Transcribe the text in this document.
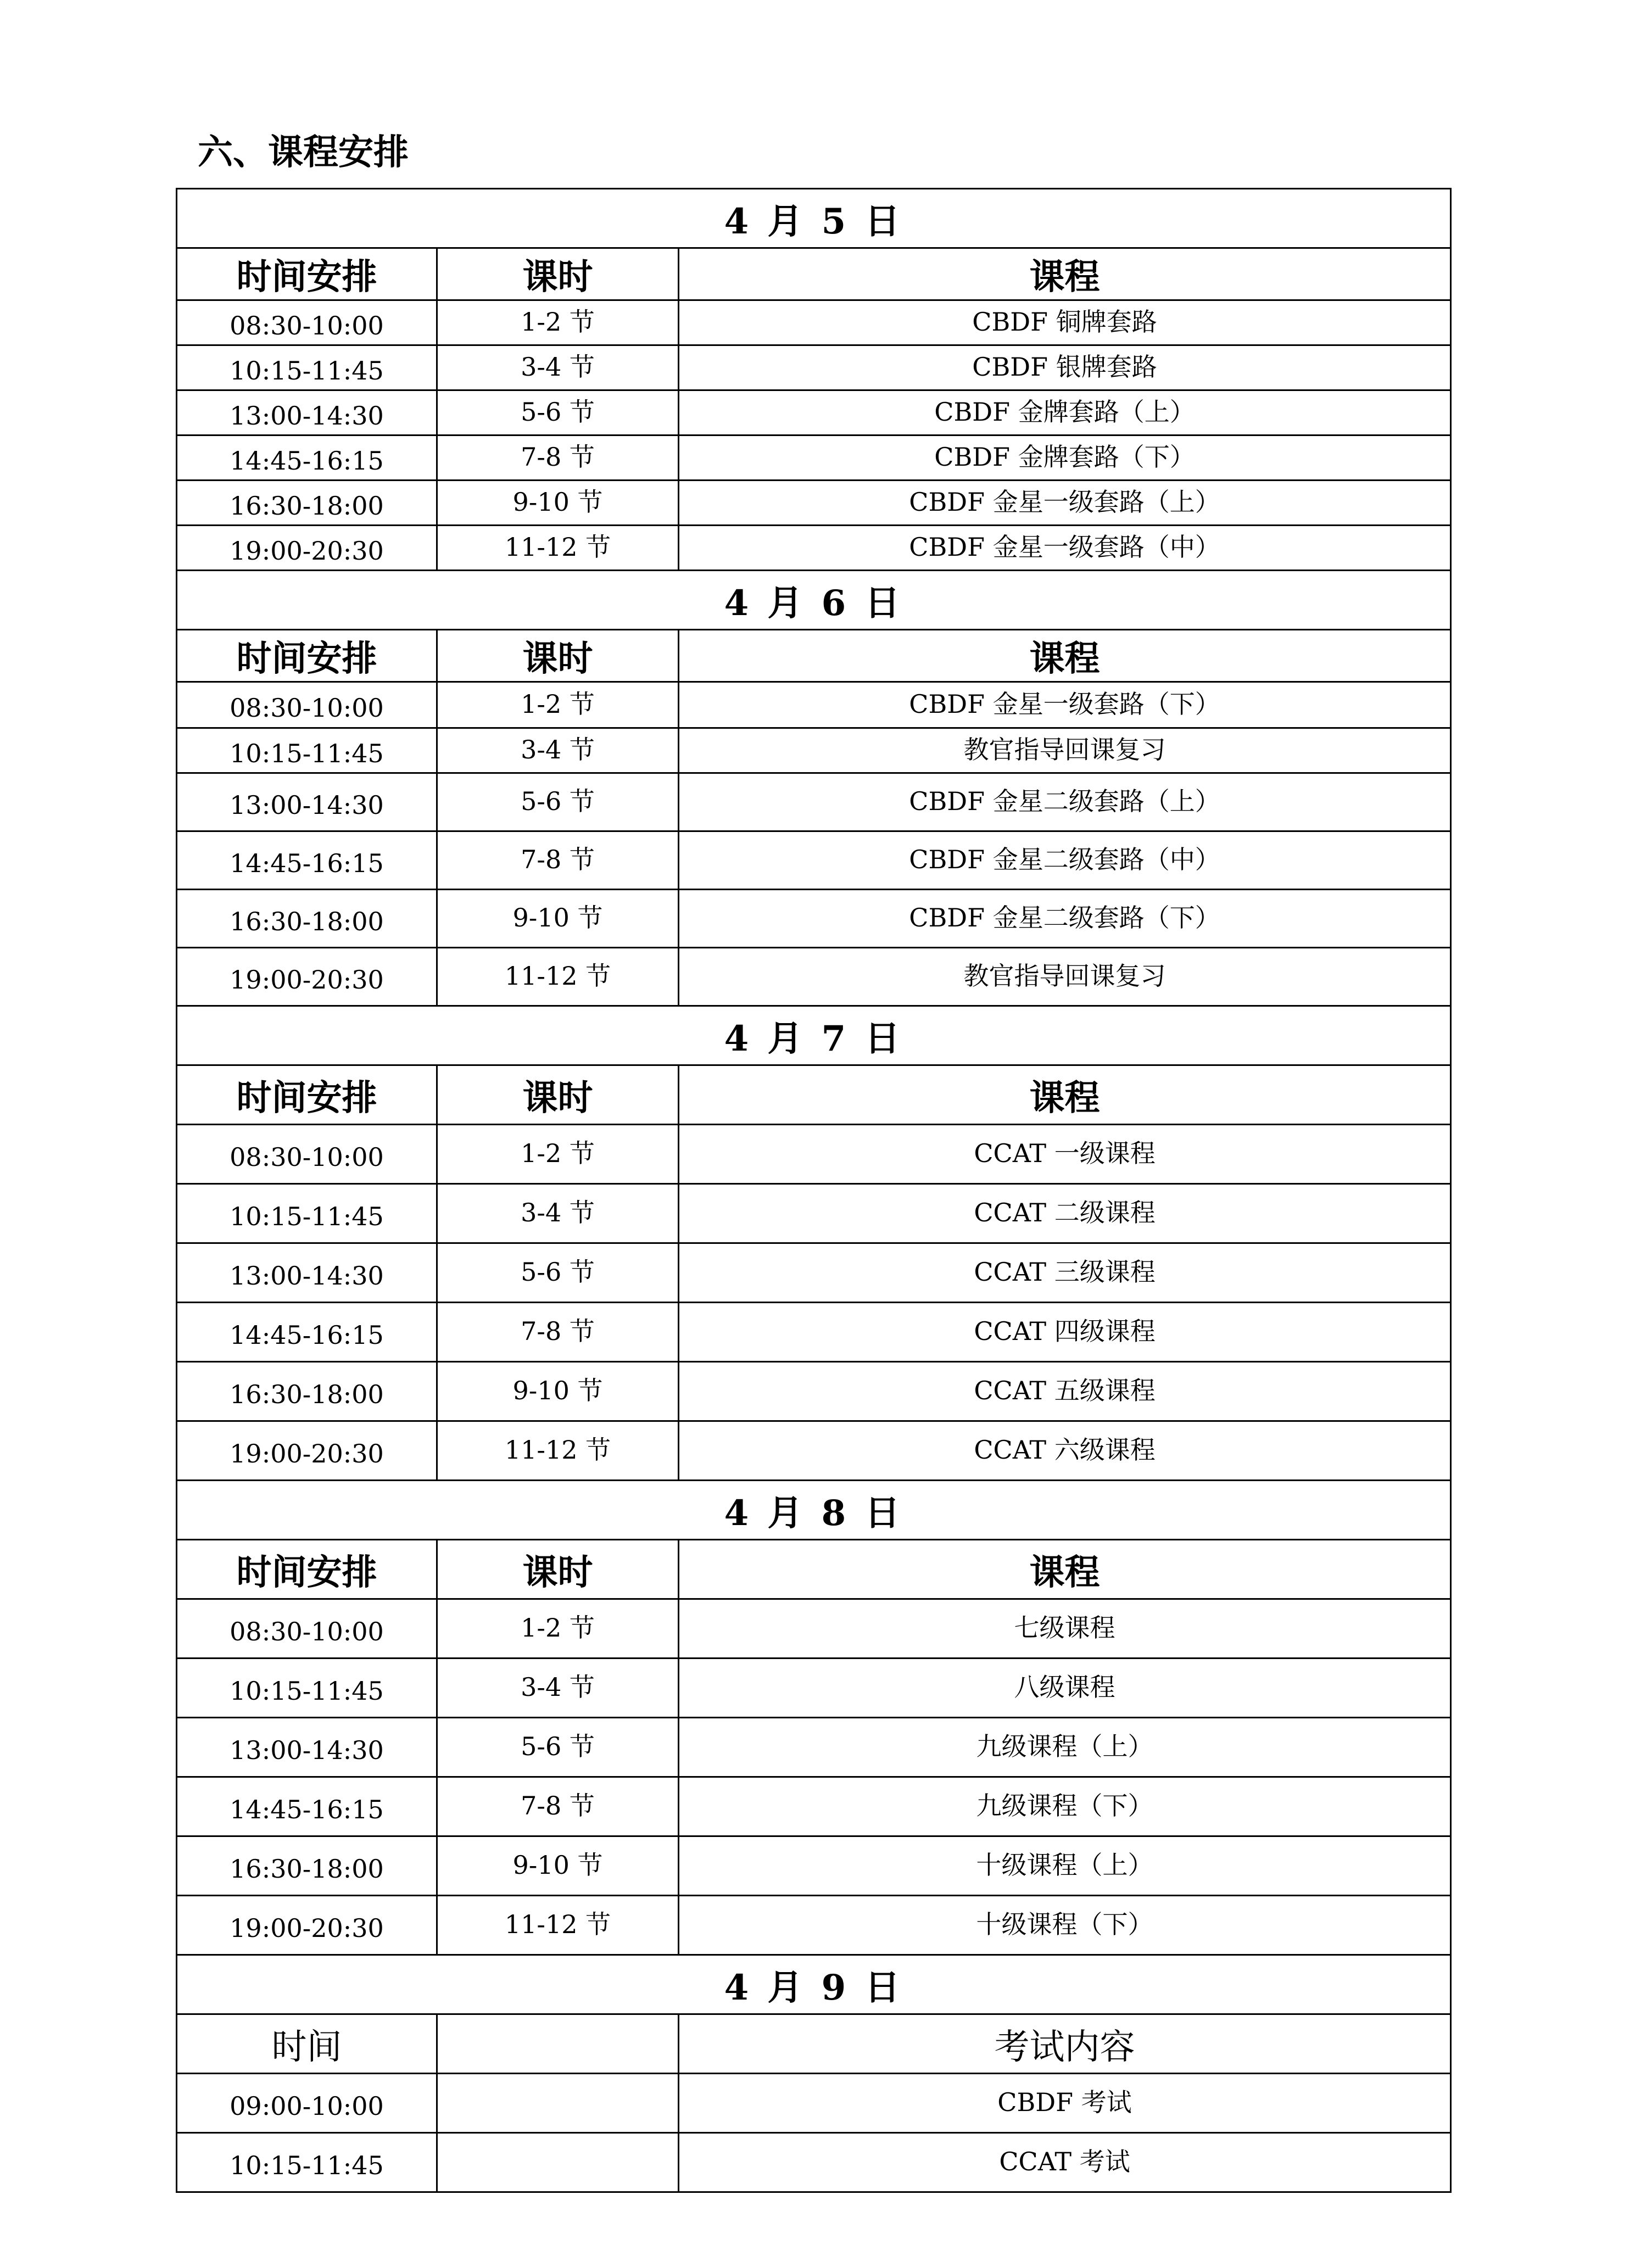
六、课程安排
4 月 5 日		
时间安排	课时	课程
08:30-10:00	1-2 节	CBDF 铜牌套路
10:15-11:45	3-4 节	CBDF 银牌套路
13:00-14:30	5-6 节	CBDF 金牌套路（上）
14:45-16:15	7-8 节	CBDF 金牌套路（下）
16:30-18:00	9-10 节	CBDF 金星一级套路（上）
19:00-20:30	11-12 节	CBDF 金星一级套路（中）
4 月 6 日		
时间安排	课时	课程
08:30-10:00	1-2 节	CBDF 金星一级套路（下）
10:15-11:45	3-4 节	教官指导回课复习
13:00-14:30	5-6 节	CBDF 金星二级套路（上）
14:45-16:15	7-8 节	CBDF 金星二级套路（中）
16:30-18:00	9-10 节	CBDF 金星二级套路（下）
19:00-20:30	11-12 节	教官指导回课复习
4 月 7 日		
时间安排	课时	课程
08:30-10:00	1-2 节	CCAT 一级课程
10:15-11:45	3-4 节	CCAT 二级课程
13:00-14:30	5-6 节	CCAT 三级课程
14:45-16:15	7-8 节	CCAT 四级课程
16:30-18:00	9-10 节	CCAT 五级课程
19:00-20:30	11-12 节	CCAT 六级课程
4 月 8 日		
时间安排	课时	课程
08:30-10:00	1-2 节	七级课程
10:15-11:45	3-4 节	八级课程
13:00-14:30	5-6 节	九级课程（上）
14:45-16:15	7-8 节	九级课程（下）
16:30-18:00	9-10 节	十级课程（上）
19:00-20:30	11-12 节	十级课程（下）
4 月 9 日		
时间		考试内容
09:00-10:00		CBDF 考试
10:15-11:45		CCAT 考试
